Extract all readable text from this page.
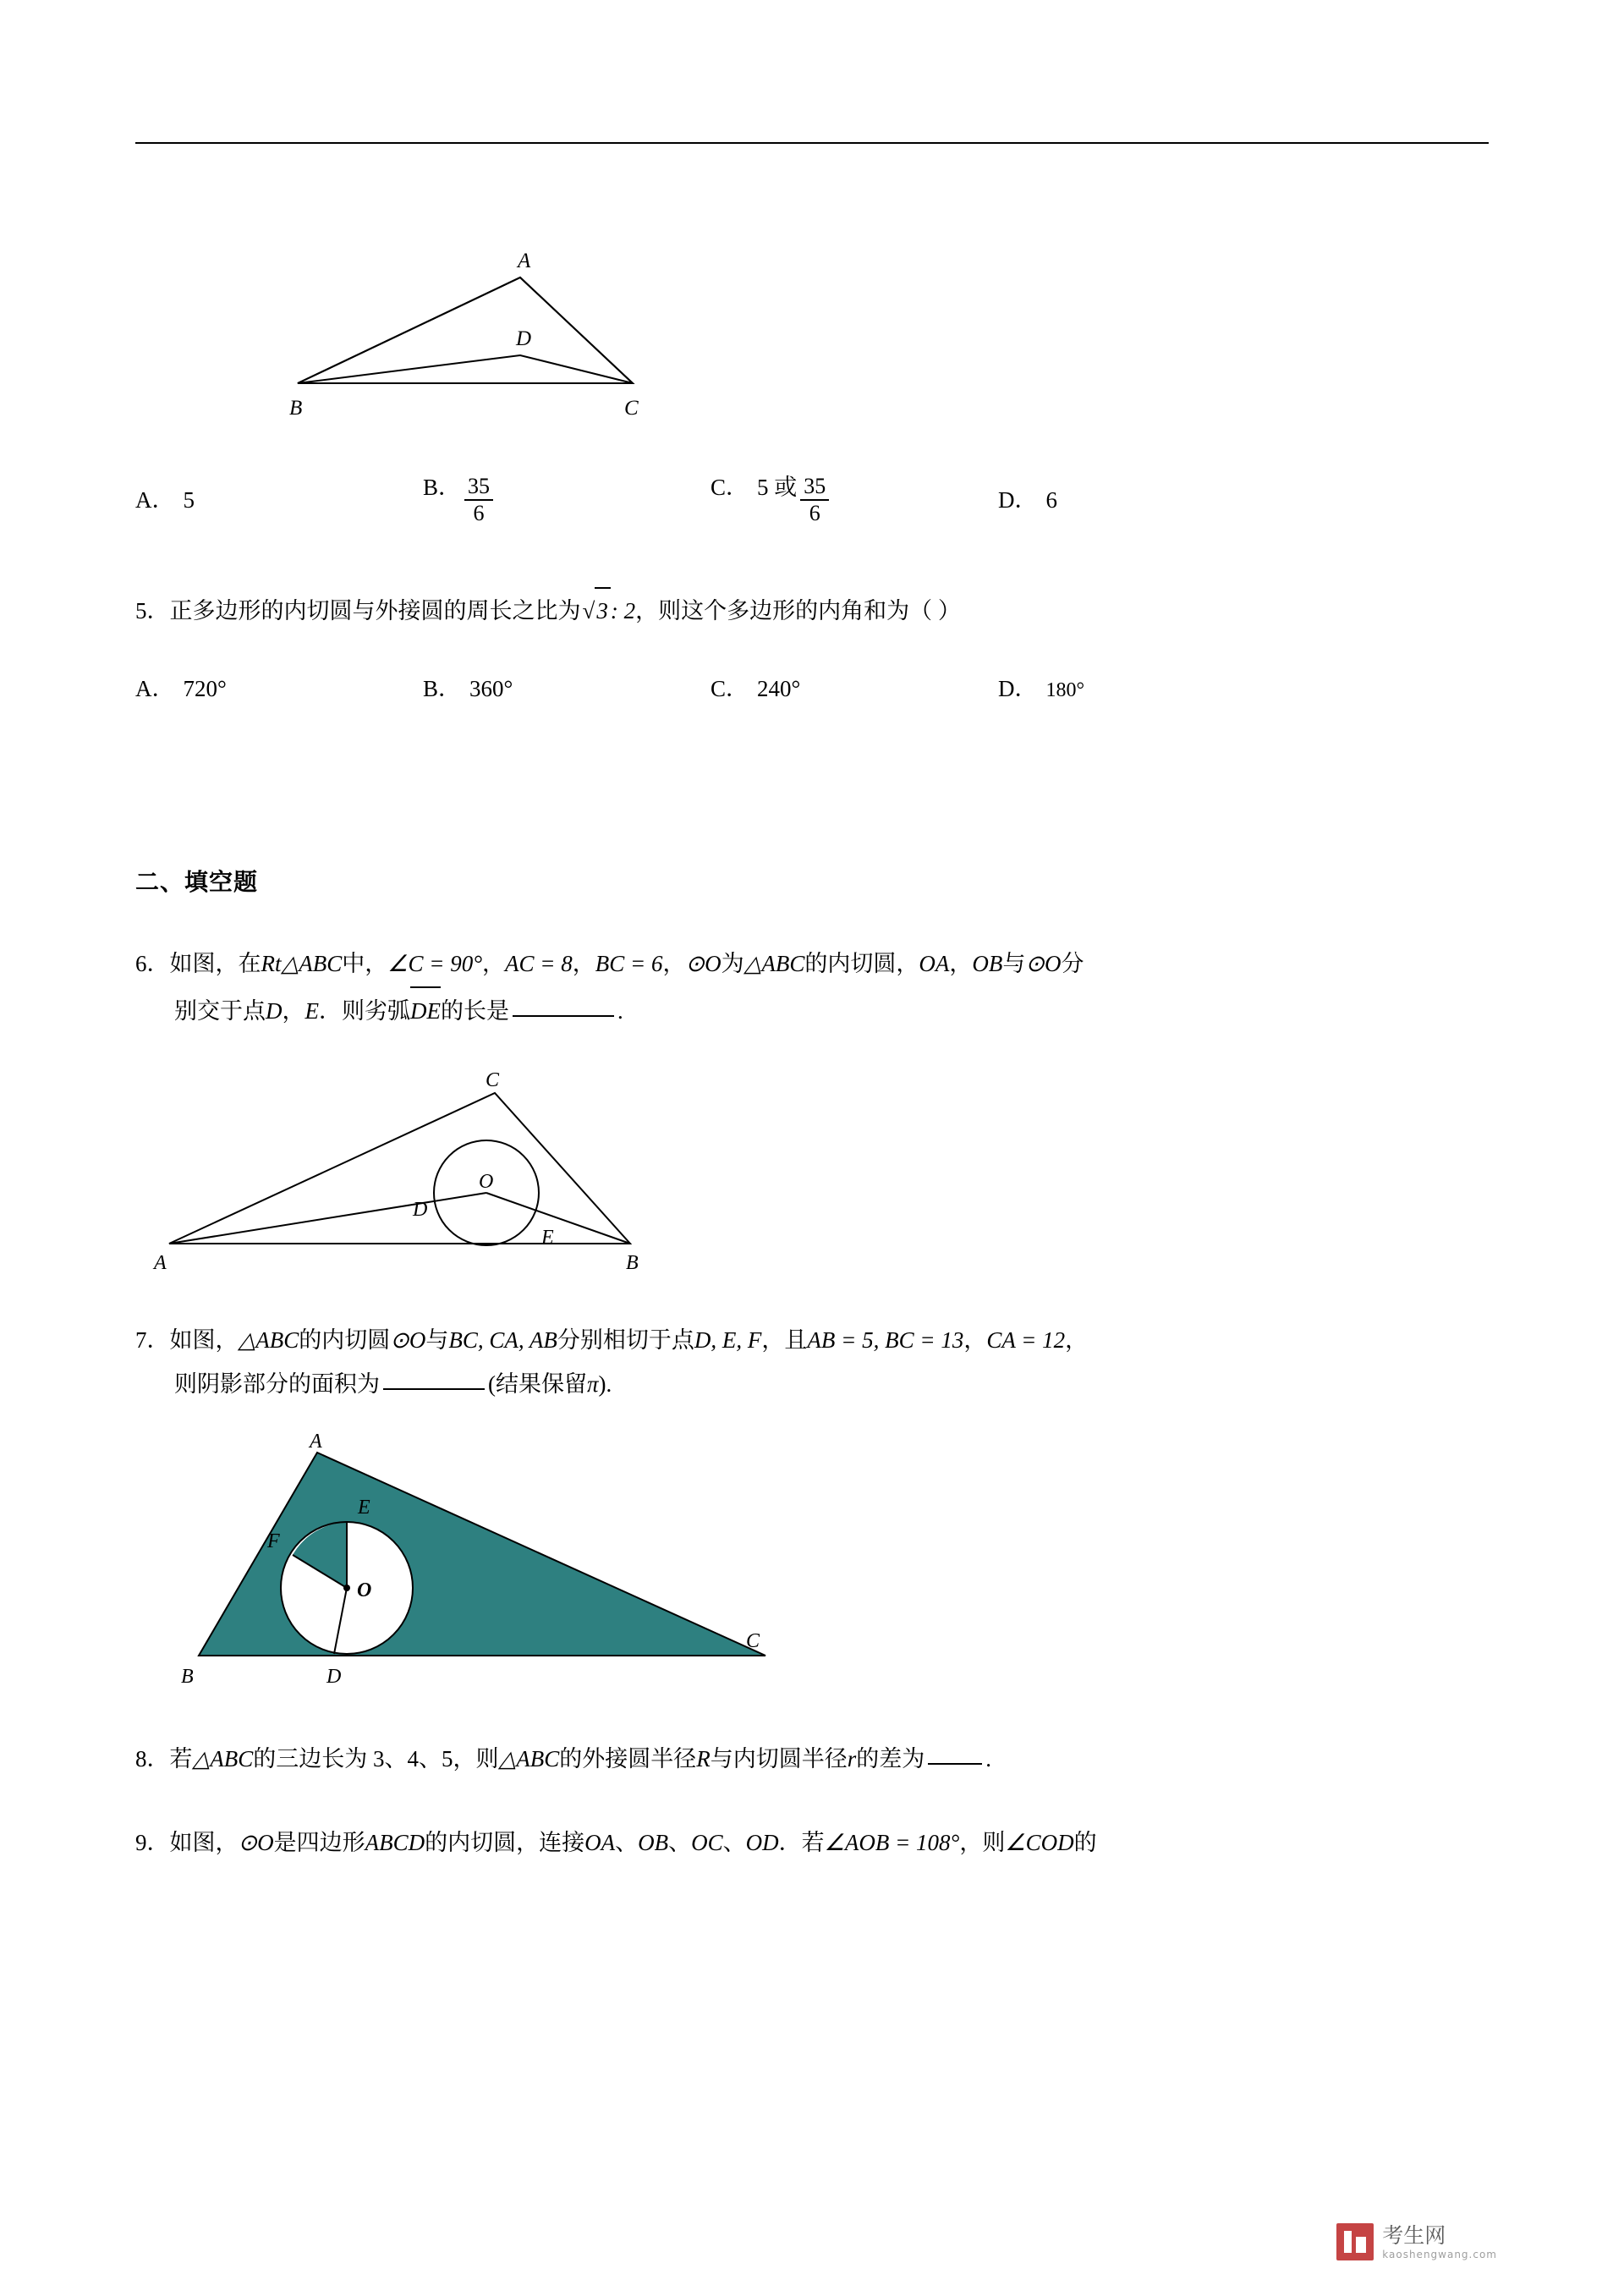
A
D
B	C
A． 5
B． $\frac{35}{6}$	C． 5 或 $\frac{35}{6}$	D． 6
5．正多边形的内切圆与外接圆的周长之比为√3 : 2，则这个多边形的内角和为（ ）
A． 720°	B． 360°	C． 240°	D． 180°
二、填空题
6．如图，在Rt△ABC中，∠C = 90°，AC = 8，BC = 6，⊙O为△ABC的内切圆，OA，OB与⊙O分
别交于点D，E．则劣弧DE的长是	.
C
O
D
E
A	B
7．如图，△ABC的内切圆⊙O与BC, CA, AB分别相切于点D, E, F，且AB = 5, BC = 13，CA = 12，
则阴影部分的面积为	(结果保留π).
A
E
F
O
D
B
C
8．若△ABC的三边长为 3、4、5，则△ABC的外接圆半径R与内切圆半径r的差为	.
9．如图，⊙O是四边形ABCD的内切圆，连接OA、OB、OC、OD．若∠AOB = 108°，则∠COD的
考生网
kaoshengwang.com
